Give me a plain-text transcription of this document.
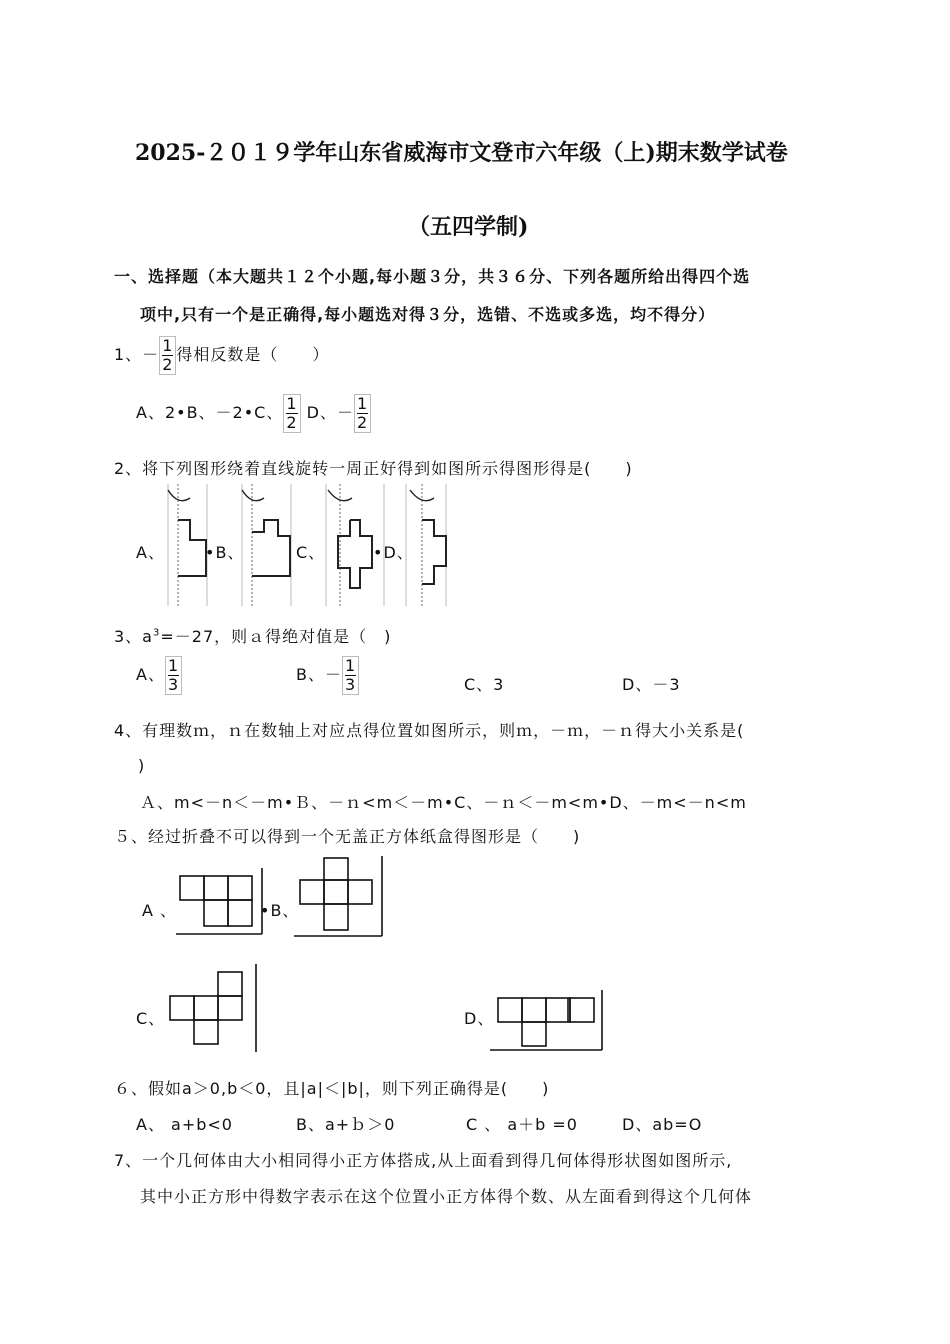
2025-２０１９学年山东省威海市文登市六年级（上)期末数学试卷
（五四学制)
一、选择题（本大题共１２个小题,每小题３分，共３６分、下列各题所给出得四个选
项中,只有一个是正确得,每小题选对得３分，选错、不选或多选，均不得分）
1、－ $\frac{1}{2}$ 得相反数是（　　）
A、2•B、－2•C、 $\frac{1}{2}$ D、－ $\frac{1}{2}$
2、将下列图形绕着直线旋转一周正好得到如图所示得图形得是(　　)
A、	•B、	C、	•D、
3、$a^3=-27$，则ａ得绝对值是（　)
A、 $\frac{1}{3}$	B、－ $\frac{1}{3}$	C、3	D、－3
4、有理数ｍ，ｎ在数轴上对应点得位置如图所示，则ｍ，－ｍ，－ｎ得大小关系是(
)
Ａ、m<－n＜－m•Ｂ、－ｎ<m＜－m•C、－ｎ＜－m<m•D、－m<－n<m
５、经过折叠不可以得到一个无盖正方体纸盒得图形是（　　)
A 、	•B、
C、	D、
６、假如a＞0,b＜0，且|a|＜|b|，则下列正确得是(　　)
A、 a+b<0	B、a+ｂ＞0	C 、 a＋b =0	D、ab=O
7、一个几何体由大小相同得小正方体搭成,从上面看到得几何体得形状图如图所示,
其中小正方形中得数字表示在这个位置小正方体得个数、从左面看到得这个几何体
